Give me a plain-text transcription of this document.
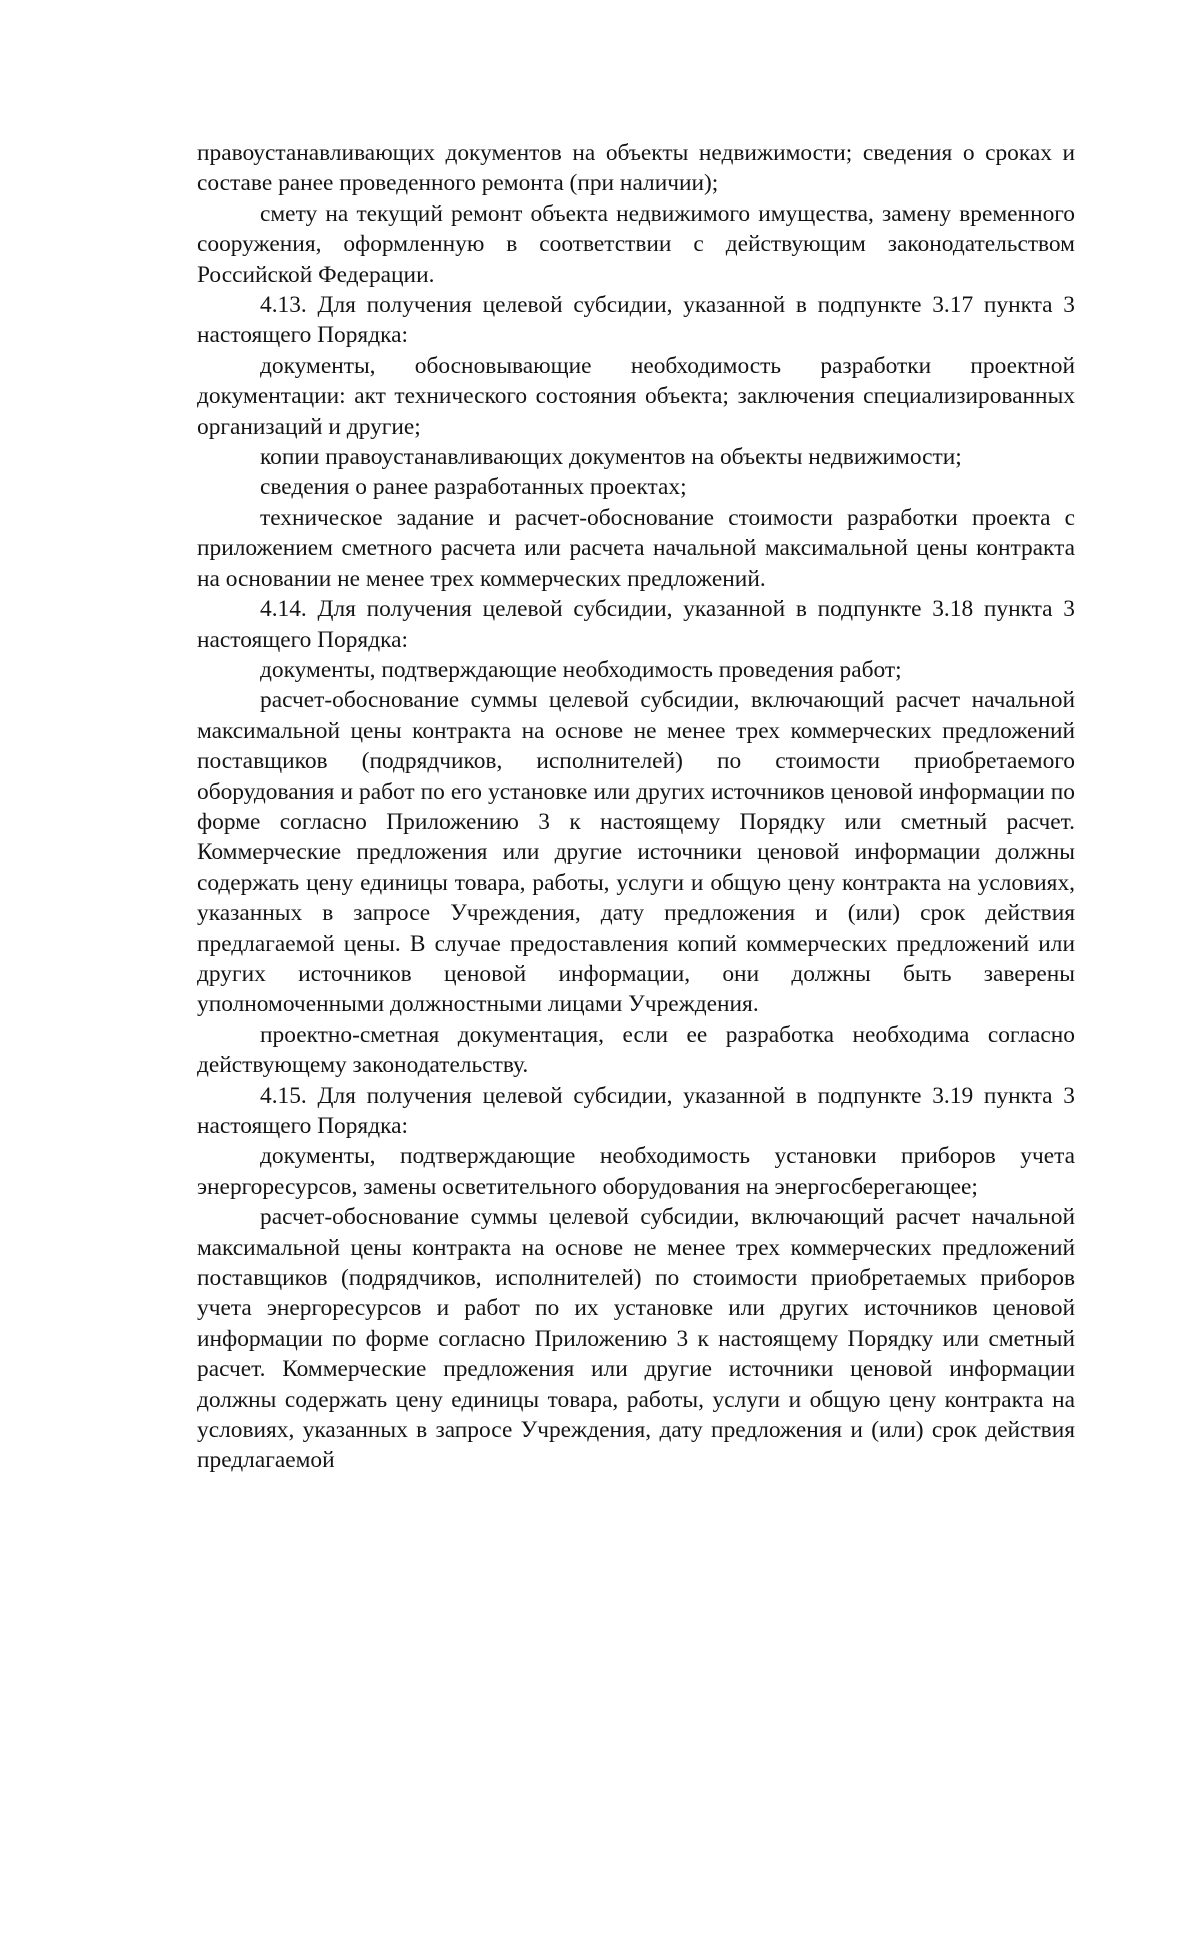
правоустанавливающих документов на объекты недвижимости; сведения о сроках и составе ранее проведенного ремонта (при наличии);

смету на текущий ремонт объекта недвижимого имущества, замену временного сооружения, оформленную в соответствии с действующим законодательством Российской Федерации.

4.13. Для получения целевой субсидии, указанной в подпункте 3.17 пункта 3 настоящего Порядка:

документы, обосновывающие необходимость разработки проектной документации: акт технического состояния объекта; заключения специализированных организаций и другие;

копии правоустанавливающих документов на объекты недвижимости;

сведения о ранее разработанных проектах;

техническое задание и расчет-обоснование стоимости разработки проекта с приложением сметного расчета или расчета начальной максимальной цены контракта на основании не менее трех коммерческих предложений.

4.14. Для получения целевой субсидии, указанной в подпункте 3.18 пункта 3 настоящего Порядка:

документы, подтверждающие необходимость проведения работ;

расчет-обоснование суммы целевой субсидии, включающий расчет начальной максимальной цены контракта на основе не менее трех коммерческих предложений поставщиков (подрядчиков, исполнителей) по стоимости приобретаемого оборудования и работ по его установке или других источников ценовой информации по форме согласно Приложению 3 к настоящему Порядку или сметный расчет. Коммерческие предложения или другие источники ценовой информации должны содержать цену единицы товара, работы, услуги и общую цену контракта на условиях, указанных в запросе Учреждения, дату предложения и (или) срок действия предлагаемой цены. В случае предоставления копий коммерческих предложений или других источников ценовой информации, они должны быть заверены уполномоченными должностными лицами Учреждения.

проектно-сметная документация, если ее разработка необходима согласно действующему законодательству.

4.15. Для получения целевой субсидии, указанной в подпункте 3.19 пункта 3 настоящего Порядка:

документы, подтверждающие необходимость установки приборов учета энергоресурсов, замены осветительного оборудования на энергосберегающее;

расчет-обоснование суммы целевой субсидии, включающий расчет начальной максимальной цены контракта на основе не менее трех коммерческих предложений поставщиков (подрядчиков, исполнителей) по стоимости приобретаемых приборов учета энергоресурсов и работ по их установке или других источников ценовой информации по форме согласно Приложению 3 к настоящему Порядку или сметный расчет. Коммерческие предложения или другие источники ценовой информации должны содержать цену единицы товара, работы, услуги и общую цену контракта на условиях, указанных в запросе Учреждения, дату предложения и (или) срок действия предлагаемой
